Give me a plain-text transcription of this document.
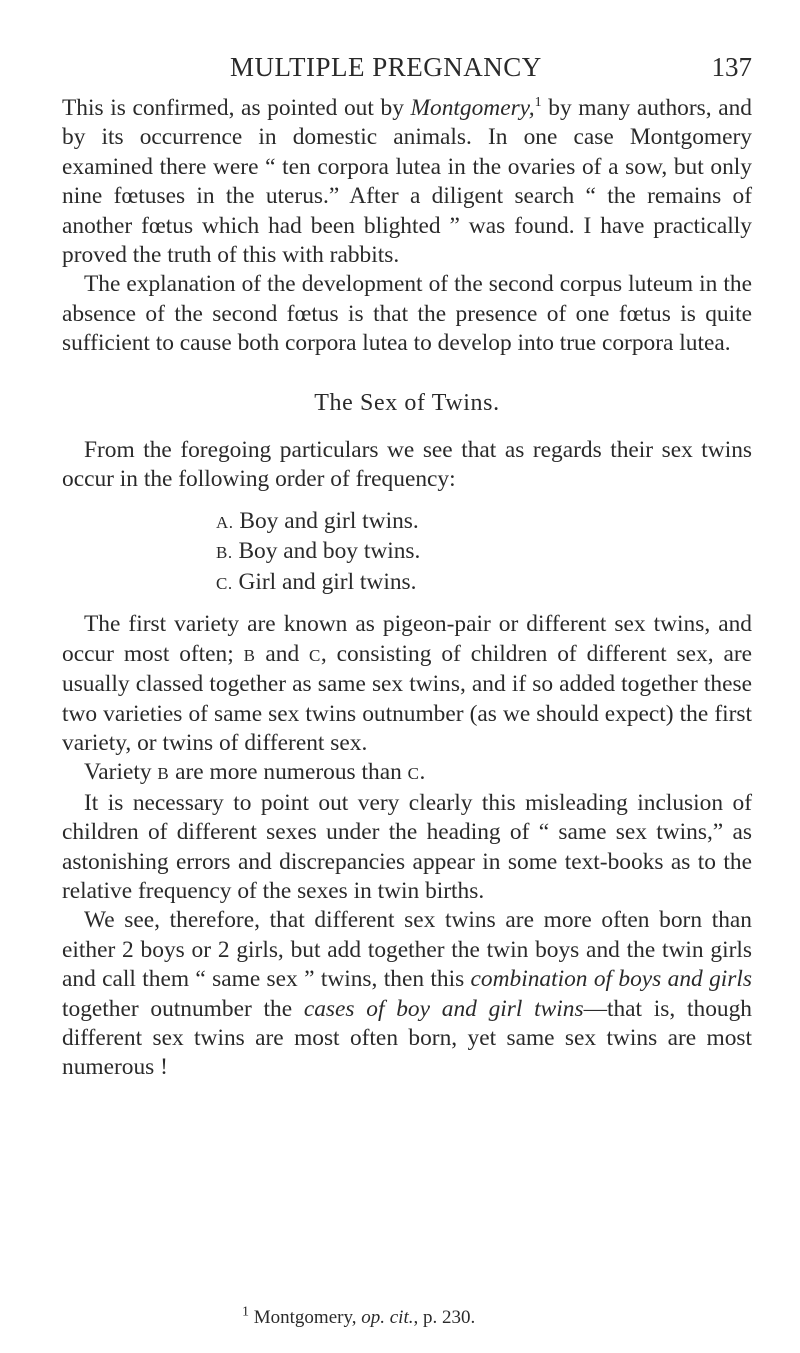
MULTIPLE PREGNANCY	137

This is confirmed, as pointed out by Montgomery,$^1$ by many authors, and by its occurrence in domestic animals. In one case Montgomery examined there were “ ten corpora lutea in the ovaries of a sow, but only nine fœtuses in the uterus.” After a diligent search “ the remains of another fœtus which had been blighted ” was found. I have practically proved the truth of this with rabbits.

The explanation of the development of the second corpus luteum in the absence of the second fœtus is that the presence of one fœtus is quite sufficient to cause both corpora lutea to develop into true corpora lutea.

The Sex of Twins.

From the foregoing particulars we see that as regards their sex twins occur in the following order of frequency:

A. Boy and girl twins.
B. Boy and boy twins.
C. Girl and girl twins.

The first variety are known as pigeon-pair or different sex twins, and occur most often; B and C, consisting of children of different sex, are usually classed together as same sex twins, and if so added together these two varieties of same sex twins outnumber (as we should expect) the first variety, or twins of different sex.

Variety B are more numerous than C.

It is necessary to point out very clearly this misleading inclusion of children of different sexes under the heading of “ same sex twins,” as astonishing errors and discrepancies appear in some text-books as to the relative frequency of the sexes in twin births.

We see, therefore, that different sex twins are more often born than either 2 boys or 2 girls, but add together the twin boys and the twin girls and call them “ same sex ” twins, then this combination of boys and girls together outnumber the cases of boy and girl twins—that is, though different sex twins are most often born, yet same sex twins are most numerous !

$^1$ Montgomery, op. cit., p. 230.
